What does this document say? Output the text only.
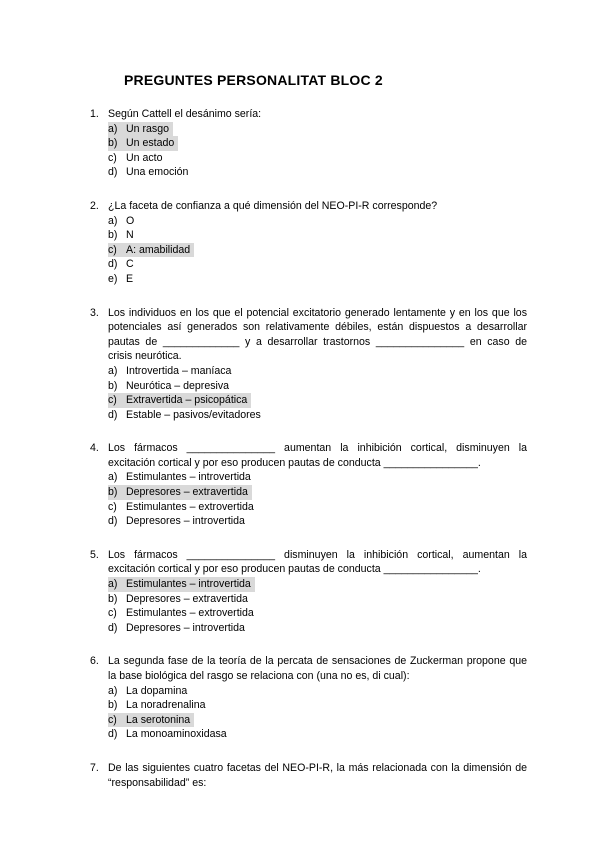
PREGUNTES PERSONALITAT BLOC 2
1. Según Cattell el desánimo sería:
a) Un rasgo
b) Un estado
c) Un acto
d) Una emoción
2. ¿La faceta de confianza a qué dimensión del NEO-PI-R corresponde?
a) O
b) N
c) A: amabilidad
d) C
e) E
3. Los individuos en los que el potencial excitatorio generado lentamente y en los que los potenciales así generados son relativamente débiles, están dispuestos a desarrollar pautas de _____________ y a desarrollar trastornos _______________ en caso de crisis neurótica.
a) Introvertida – maníaca
b) Neurótica – depresiva
c) Extravertida – psicopática
d) Estable – pasivos/evitadores
4. Los fármacos _______________ aumentan la inhibición cortical, disminuyen la excitación cortical y por eso producen pautas de conducta ________________.
a) Estimulantes – introvertida
b) Depresores – extravertida
c) Estimulantes – extrovertida
d) Depresores – introvertida
5. Los fármacos _______________ disminuyen la inhibición cortical, aumentan la excitación cortical y por eso producen pautas de conducta ________________.
a) Estimulantes – introvertida
b) Depresores – extravertida
c) Estimulantes – extrovertida
d) Depresores – introvertida
6. La segunda fase de la teoría de la percata de sensaciones de Zuckerman propone que la base biológica del rasgo se relaciona con (una no es, di cual):
a) La dopamina
b) La noradrenalina
c) La serotonina
d) La monoaminoxidasa
7. De las siguientes cuatro facetas del NEO-PI-R, la más relacionada con la dimensión de “responsabilidad” es:
